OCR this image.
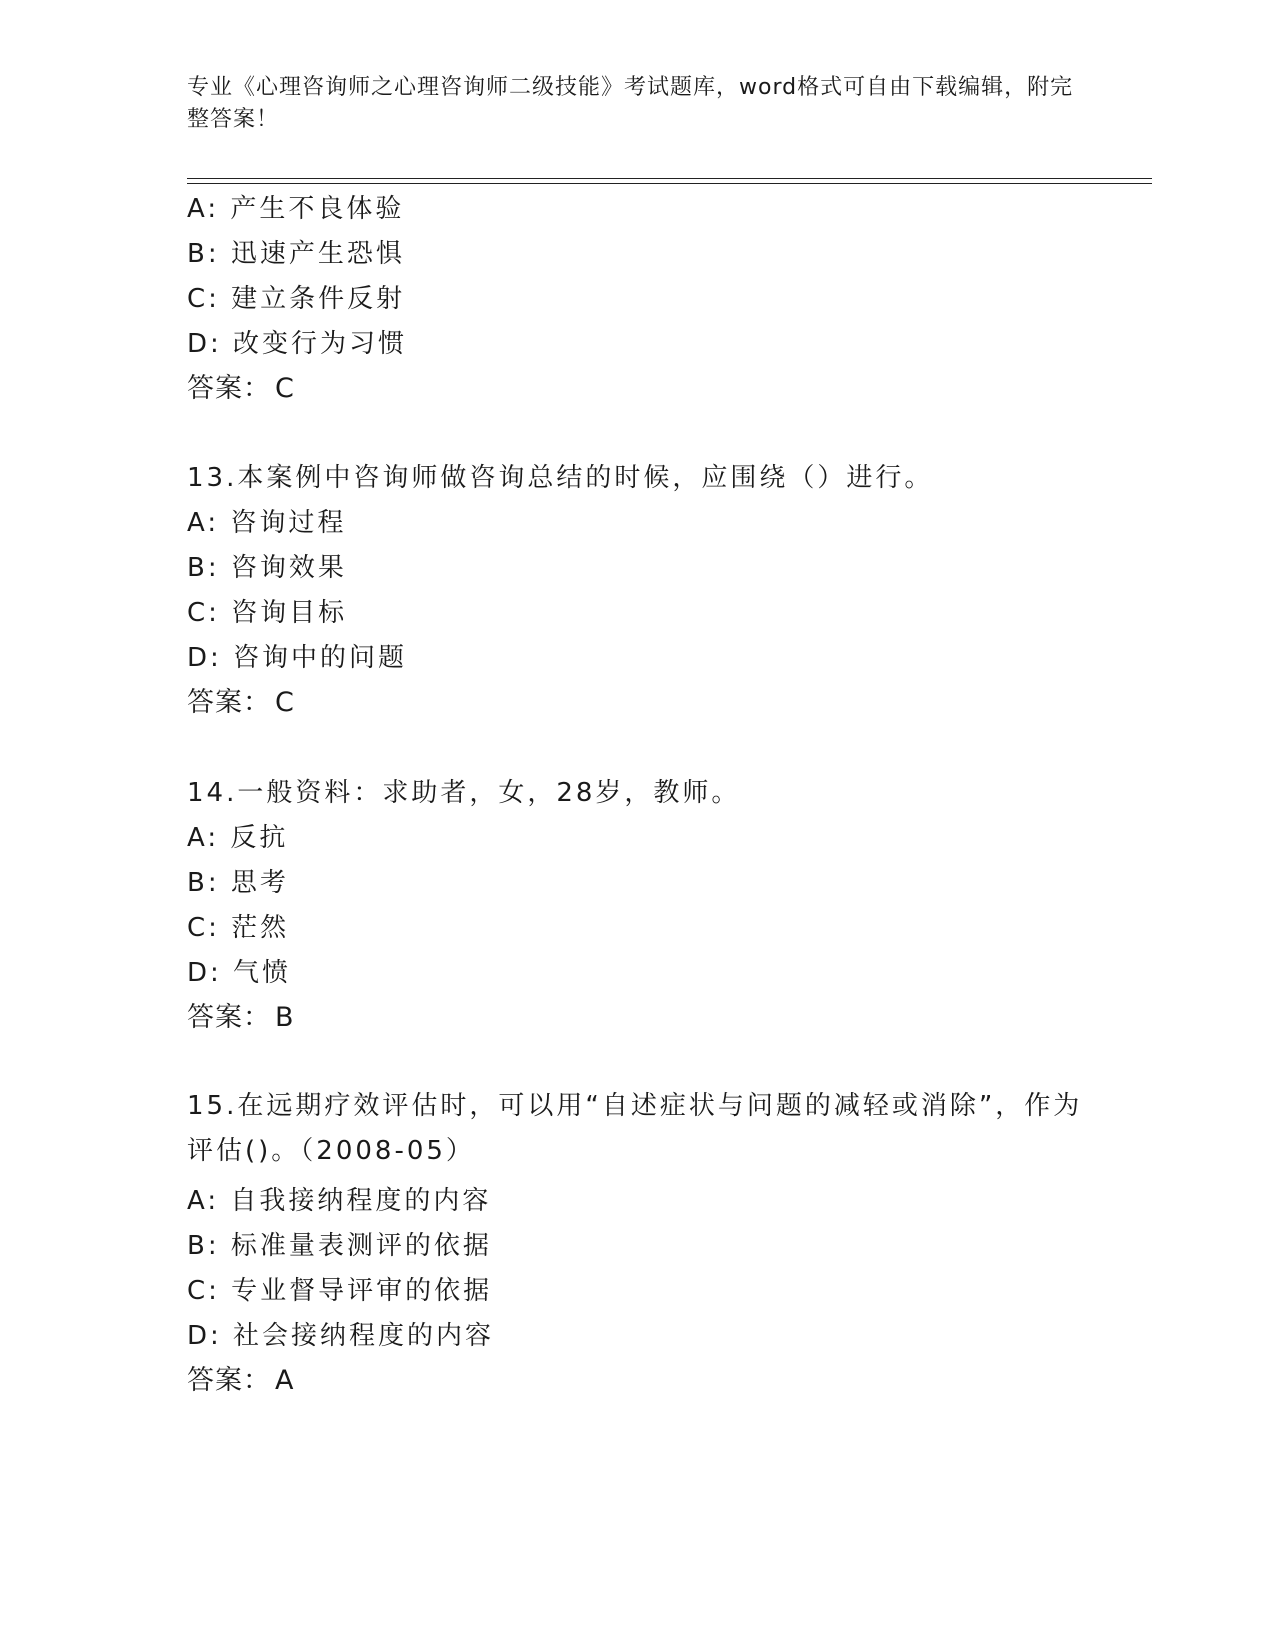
专业《心理咨询师之心理咨询师二级技能》考试题库，word格式可自由下载编辑，附完整答案！
A: 产生不良体验
B: 迅速产生恐惧
C: 建立条件反射
D: 改变行为习惯
答案： C
13.本案例中咨询师做咨询总结的时候，应围绕（）进行。
A: 咨询过程
B: 咨询效果
C: 咨询目标
D: 咨询中的问题
答案： C
14.一般资料：求助者，女，28岁，教师。
A: 反抗
B: 思考
C: 茫然
D: 气愤
答案： B
15.在远期疗效评估时，可以用“自述症状与问题的减轻或消除”，作为评估()。（2008-05）
A: 自我接纳程度的内容
B: 标准量表测评的依据
C: 专业督导评审的依据
D: 社会接纳程度的内容
答案： A
